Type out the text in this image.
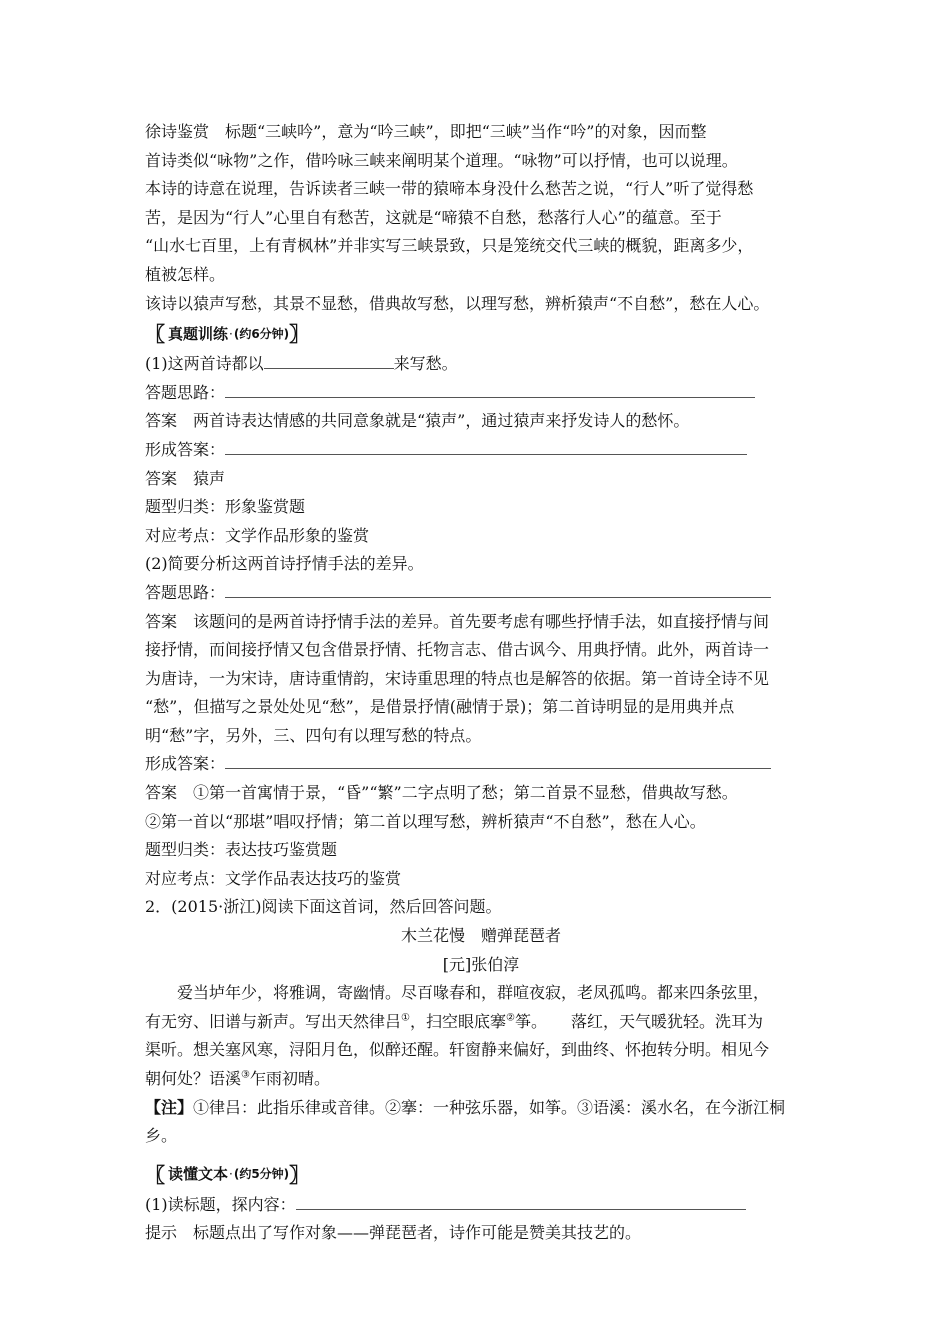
徐诗鉴赏　标题“三峡吟”，意为“吟三峡”，即把“三峡”当作“吟”的对象，因而整

首诗类似“咏物”之作，借吟咏三峡来阐明某个道理。“咏物”可以抒情，也可以说理。

本诗的诗意在说理，告诉读者三峡一带的猿啼本身没什么愁苦之说，“行人”听了觉得愁

苦，是因为“行人”心里自有愁苦，这就是“啼猿不自愁，愁落行人心”的蕴意。至于

“山水七百里，上有青枫林”并非实写三峡景致，只是笼统交代三峡的概貌，距离多少，

植被怎样。

该诗以猿声写愁，其景不显愁，借典故写愁，以理写愁，辨析猿声“不自愁”，愁在人心。

〖 真题训练 · (约6分钟) 〗

(1)这两首诗都以	来写愁。

答题思路：

答案　两首诗表达情感的共同意象就是“猿声”，通过猿声来抒发诗人的愁怀。

形成答案：

答案　猿声

题型归类：形象鉴赏题

对应考点：文学作品形象的鉴赏

(2)简要分析这两首诗抒情手法的差异。

答题思路：

答案　该题问的是两首诗抒情手法的差异。首先要考虑有哪些抒情手法，如直接抒情与间

接抒情，而间接抒情又包含借景抒情、托物言志、借古讽今、用典抒情。此外，两首诗一

为唐诗，一为宋诗，唐诗重情韵，宋诗重思理的特点也是解答的依据。第一首诗全诗不见

“愁”，但描写之景处处见“愁”，是借景抒情(融情于景)；第二首诗明显的是用典并点

明“愁”字，另外，三、四句有以理写愁的特点。

形成答案：

答案　①第一首寓情于景，“昏”“繁”二字点明了愁；第二首景不显愁，借典故写愁。

②第一首以“那堪”唱叹抒情；第二首以理写愁，辨析猿声“不自愁”，愁在人心。

题型归类：表达技巧鉴赏题

对应考点：文学作品表达技巧的鉴赏

2．(2015·浙江)阅读下面这首词，然后回答问题。

木兰花慢　赠弹琵琶者

[元]张伯淳

爱当垆年少，将雅调，寄幽情。尽百喙春和，群喧夜寂，老凤孤鸣。都来四条弦里，

有无穷、旧谱与新声。写出天然律吕①，扫空眼底搴②筝。　　落红，天气暖犹轻。洗耳为

渠听。想关塞风寒，浔阳月色，似醉还醒。轩窗静来偏好，到曲终、怀抱转分明。相见今

朝何处？语溪③乍雨初晴。

【注】①律吕：此指乐律或音律。②搴：一种弦乐器，如筝。③语溪：溪水名，在今浙江桐乡。

〖 读懂文本 · (约5分钟) 〗

(1)读标题，探内容：

提示　标题点出了写作对象——弹琵琶者，诗作可能是赞美其技艺的。
